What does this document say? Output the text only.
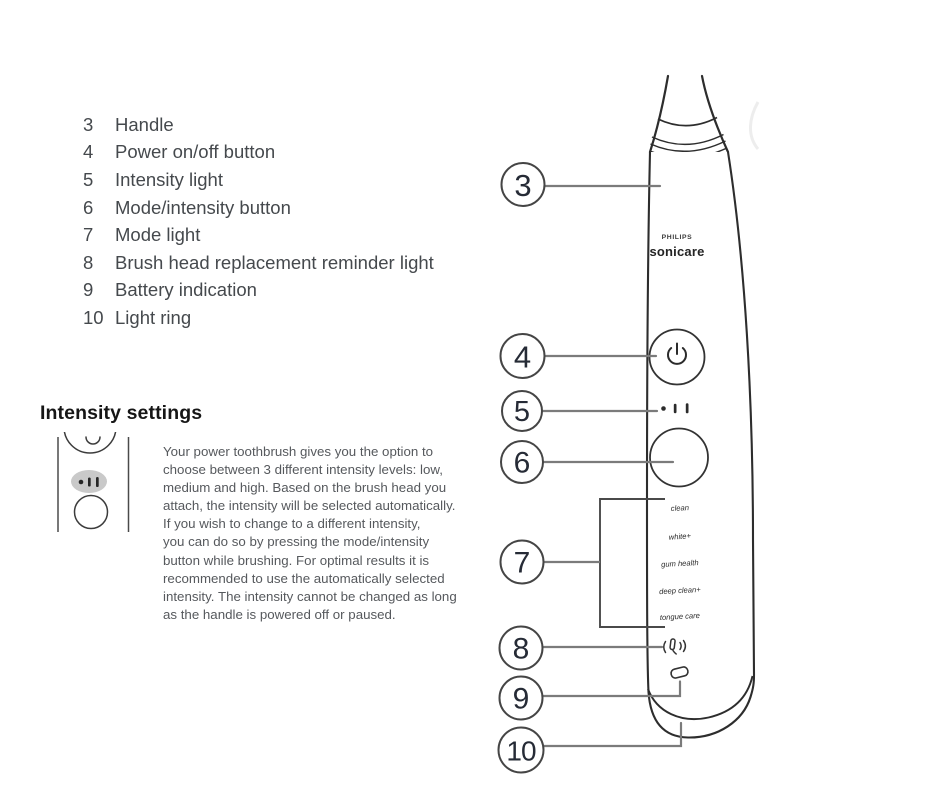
3	Handle
4	Power on/off button
5	Intensity light
6	Mode/intensity button
7	Mode light
8	Brush head replacement reminder light
9	Battery indication
10 Light ring
Intensity settings
Your power toothbrush gives you the option to
choose between 3 different intensity levels: low,
medium and high. Based on the brush head you
attach, the intensity will be selected automatically.
If you wish to change to a different intensity,
you can do so by pressing the mode/intensity
button while brushing. For optimal results it is
recommended to use the automatically selected
intensity. The intensity cannot be changed as long
as the handle is powered off or paused.
PHILIPS
sonicare
clean
white+
gum health
deep clean+
tongue care
3
4
5
6
7
8
9
10
